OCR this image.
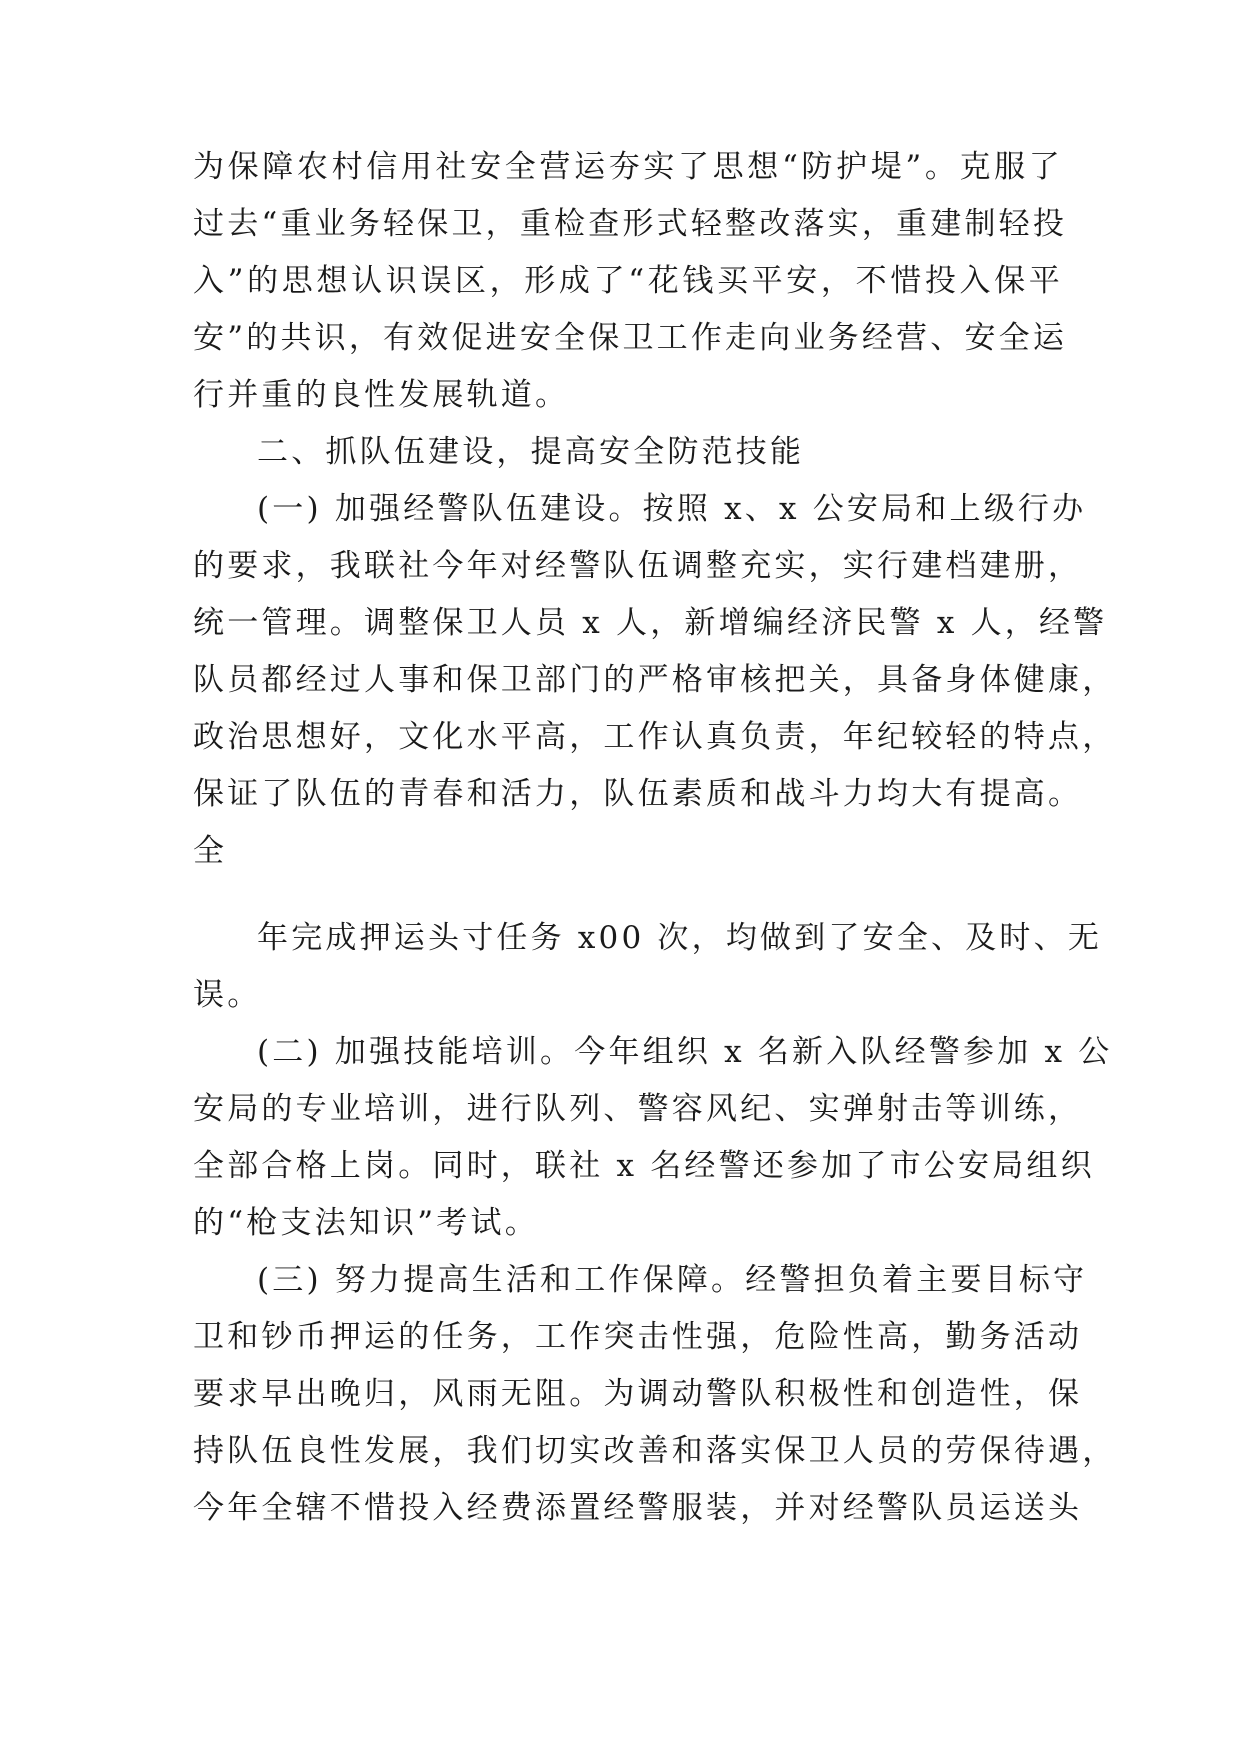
为保障农村信用社安全营运夯实了思想“防护堤”。克服了
过去“重业务轻保卫，重检查形式轻整改落实，重建制轻投
入”的思想认识误区，形成了“花钱买平安，不惜投入保平
安”的共识，有效促进安全保卫工作走向业务经营、安全运
行并重的良性发展轨道。
二、抓队伍建设，提高安全防范技能
(一) 加强经警队伍建设。按照 x、x 公安局和上级行办
的要求，我联社今年对经警队伍调整充实，实行建档建册，
统一管理。调整保卫人员 x 人，新增编经济民警 x 人，经警
队员都经过人事和保卫部门的严格审核把关，具备身体健康，
政治思想好，文化水平高，工作认真负责，年纪较轻的特点，
保证了队伍的青春和活力，队伍素质和战斗力均大有提高。
全
年完成押运头寸任务 x00 次，均做到了安全、及时、无
误。
(二) 加强技能培训。今年组织 x 名新入队经警参加 x 公
安局的专业培训，进行队列、警容风纪、实弹射击等训练，
全部合格上岗。同时，联社 x 名经警还参加了市公安局组织
的“枪支法知识”考试。
(三) 努力提高生活和工作保障。经警担负着主要目标守
卫和钞币押运的任务，工作突击性强，危险性高，勤务活动
要求早出晚归，风雨无阻。为调动警队积极性和创造性，保
持队伍良性发展，我们切实改善和落实保卫人员的劳保待遇，
今年全辖不惜投入经费添置经警服装，并对经警队员运送头
